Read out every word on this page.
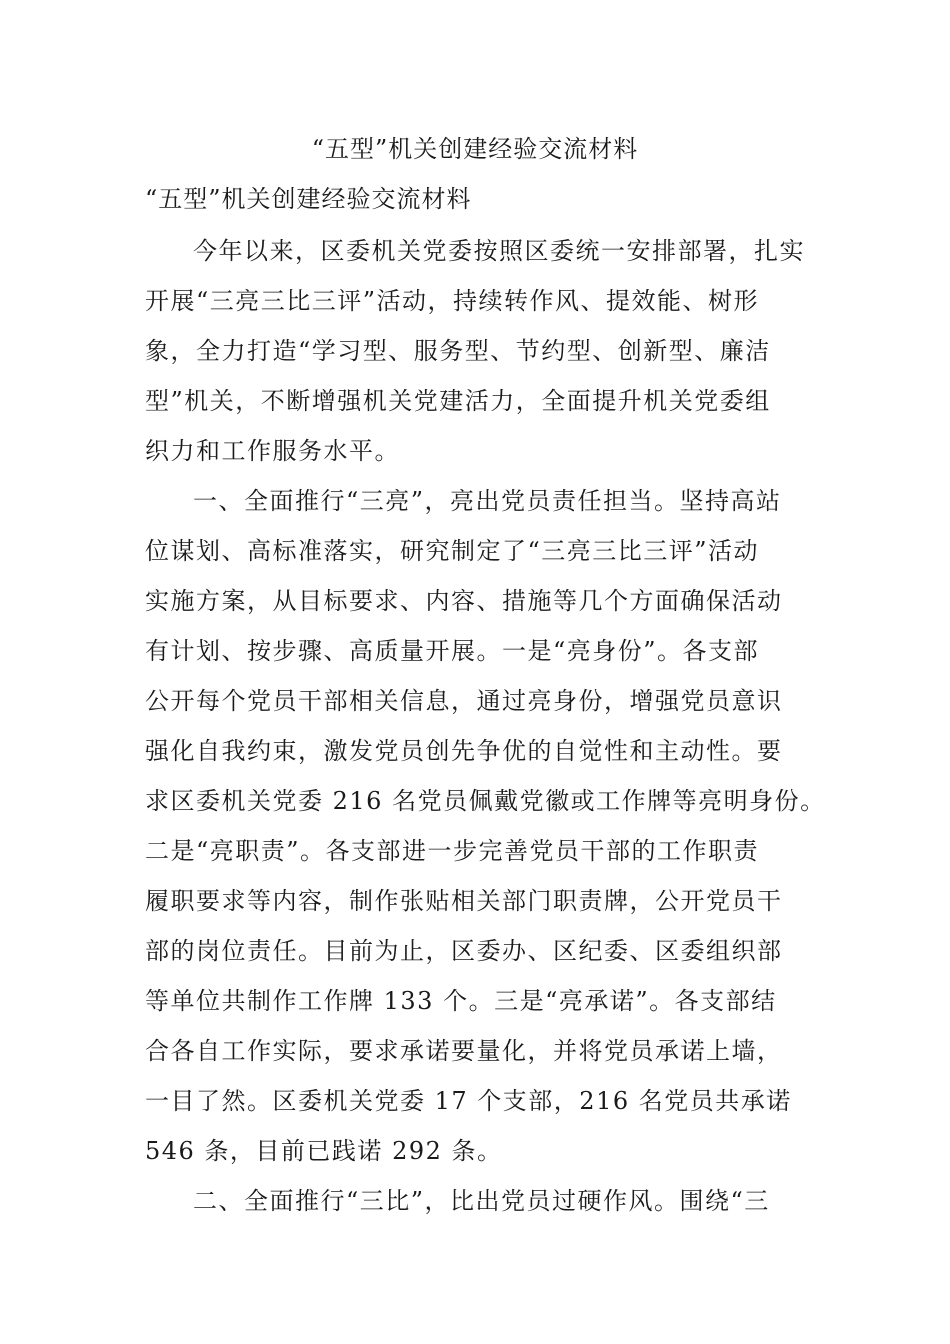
“五型”机关创建经验交流材料
“五型”机关创建经验交流材料

今年以来，区委机关党委按照区委统一安排部署，扎实

开展“三亮三比三评”活动，持续转作风、提效能、树形

象，全力打造“学习型、服务型、节约型、创新型、廉洁

型”机关，不断增强机关党建活力，全面提升机关党委组

织力和工作服务水平。

一、全面推行“三亮”，亮出党员责任担当。坚持高站

位谋划、高标准落实，研究制定了“三亮三比三评”活动

实施方案，从目标要求、内容、措施等几个方面确保活动

有计划、按步骤、高质量开展。一是“亮身份”。各支部

公开每个党员干部相关信息，通过亮身份，增强党员意识

强化自我约束，激发党员创先争优的自觉性和主动性。要

求区委机关党委 216 名党员佩戴党徽或工作牌等亮明身份。

二是“亮职责”。各支部进一步完善党员干部的工作职责

履职要求等内容，制作张贴相关部门职责牌，公开党员干

部的岗位责任。目前为止，区委办、区纪委、区委组织部

等单位共制作工作牌 133 个。三是“亮承诺”。各支部结

合各自工作实际，要求承诺要量化，并将党员承诺上墙，

一目了然。区委机关党委 17 个支部，216 名党员共承诺

546 条，目前已践诺 292 条。

二、全面推行“三比”，比出党员过硬作风。围绕“三
